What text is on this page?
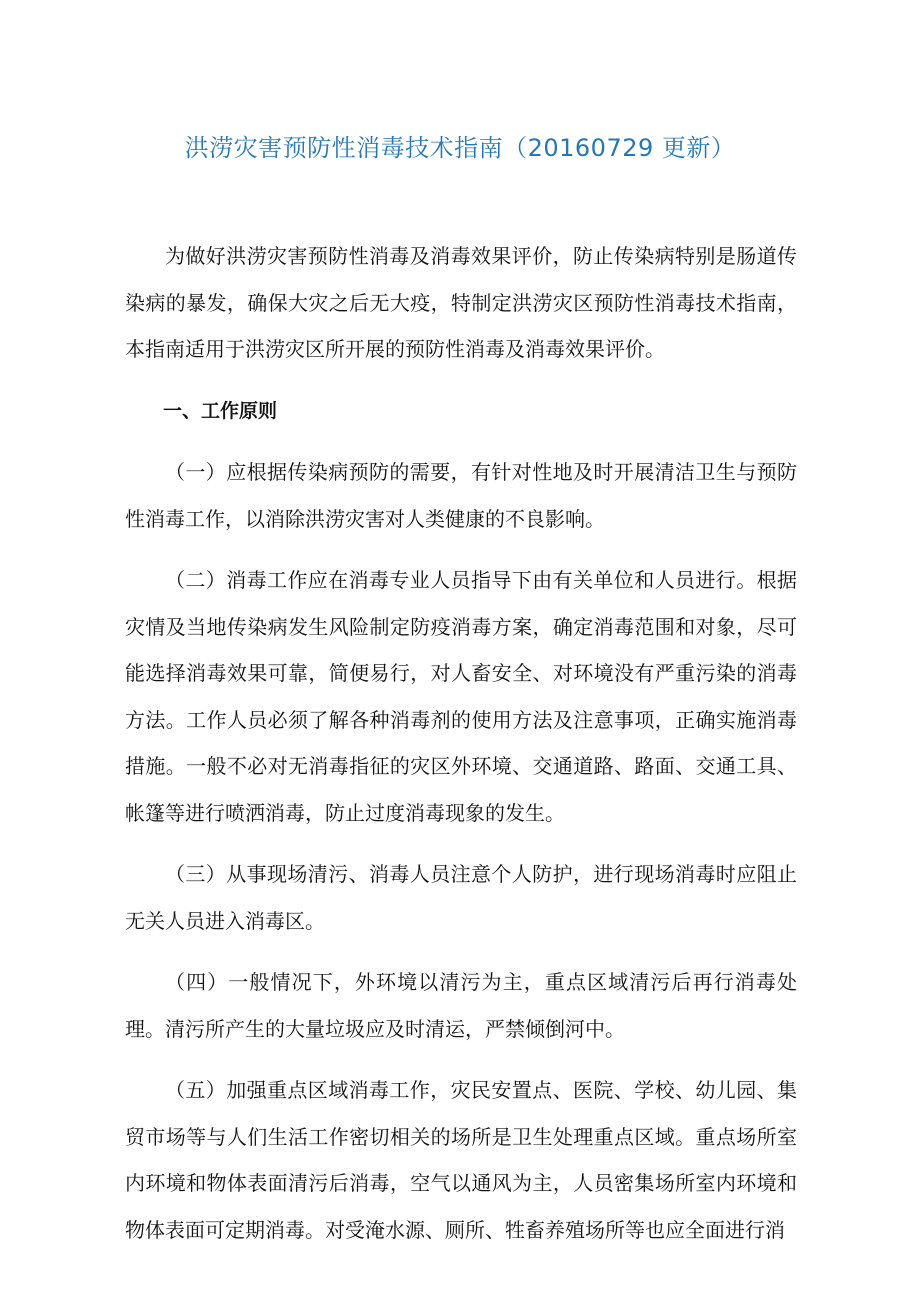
洪涝灾害预防性消毒技术指南（20160729 更新）

为做好洪涝灾害预防性消毒及消毒效果评价，防止传染病特别是肠道传染病的暴发，确保大灾之后无大疫，特制定洪涝灾区预防性消毒技术指南，本指南适用于洪涝灾区所开展的预防性消毒及消毒效果评价。

一、工作原则

（一）应根据传染病预防的需要，有针对性地及时开展清洁卫生与预防性消毒工作，以消除洪涝灾害对人类健康的不良影响。

（二）消毒工作应在消毒专业人员指导下由有关单位和人员进行。根据灾情及当地传染病发生风险制定防疫消毒方案，确定消毒范围和对象，尽可能选择消毒效果可靠，简便易行，对人畜安全、对环境没有严重污染的消毒方法。工作人员必须了解各种消毒剂的使用方法及注意事项，正确实施消毒措施。一般不必对无消毒指征的灾区外环境、交通道路、路面、交通工具、帐篷等进行喷洒消毒，防止过度消毒现象的发生。

（三）从事现场清污、消毒人员注意个人防护，进行现场消毒时应阻止无关人员进入消毒区。

（四）一般情况下，外环境以清污为主，重点区域清污后再行消毒处理。清污所产生的大量垃圾应及时清运，严禁倾倒河中。

（五）加强重点区域消毒工作，灾民安置点、医院、学校、幼儿园、集贸市场等与人们生活工作密切相关的场所是卫生处理重点区域。重点场所室内环境和物体表面清污后消毒，空气以通风为主，人员密集场所室内环境和物体表面可定期消毒。对受淹水源、厕所、牲畜养殖场所等也应全面进行消
